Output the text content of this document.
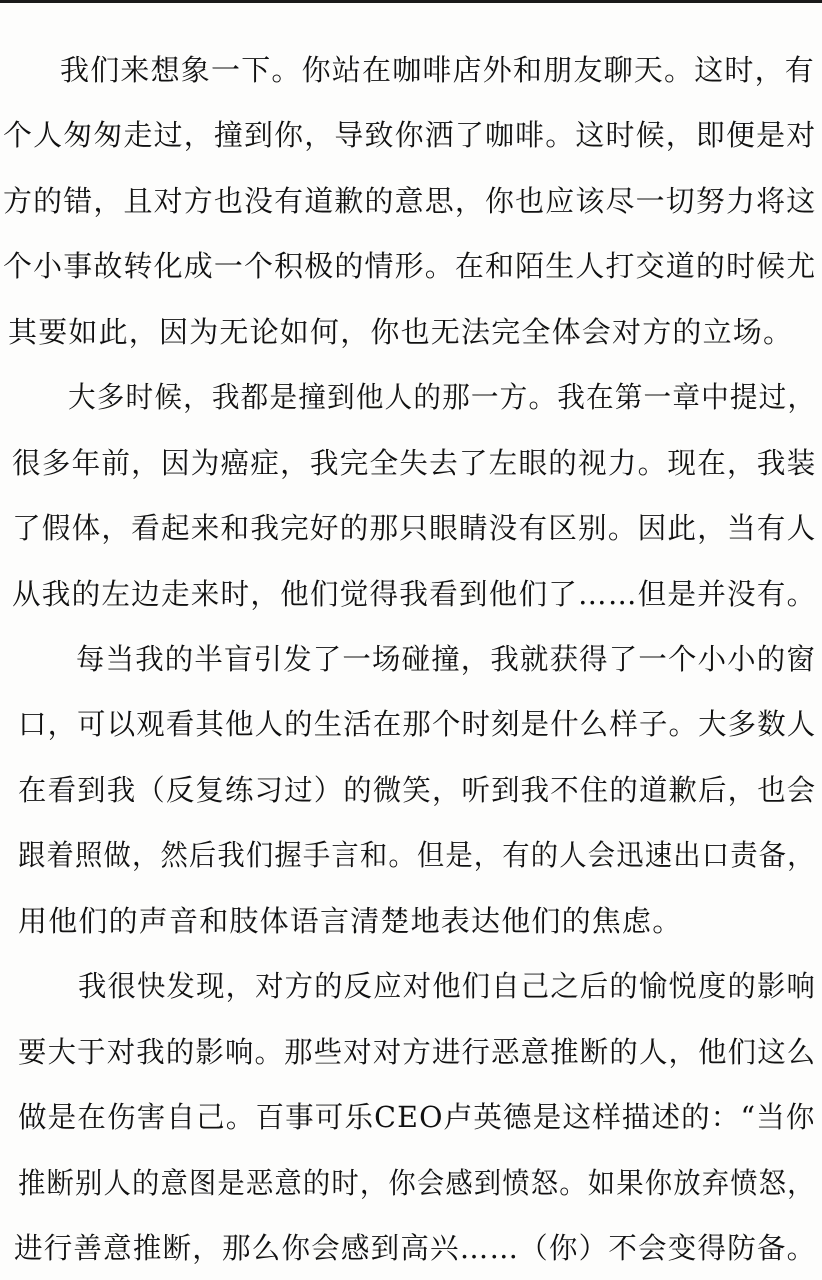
我们来想象一下。你站在咖啡店外和朋友聊天。这时，有
个人匆匆走过，撞到你，导致你洒了咖啡。这时候，即便是对
方的错，且对方也没有道歉的意思，你也应该尽一切努力将这
个小事故转化成一个积极的情形。在和陌生人打交道的时候尤
其要如此，因为无论如何，你也无法完全体会对方的立场。
大多时候，我都是撞到他人的那一方。我在第一章中提过，
很多年前，因为癌症，我完全失去了左眼的视力。现在，我装
了假体，看起来和我完好的那只眼睛没有区别。因此，当有人
从我的左边走来时，他们觉得我看到他们了……但是并没有。
每当我的半盲引发了一场碰撞，我就获得了一个小小的窗
口，可以观看其他人的生活在那个时刻是什么样子。大多数人
在看到我（反复练习过）的微笑，听到我不住的道歉后，也会
跟着照做，然后我们握手言和。但是，有的人会迅速出口责备，
用他们的声音和肢体语言清楚地表达他们的焦虑。
我很快发现，对方的反应对他们自己之后的愉悦度的影响
要大于对我的影响。那些对对方进行恶意推断的人，他们这么
做是在伤害自己。百事可乐CEO卢英德是这样描述的：“当你
推断别人的意图是恶意的时，你会感到愤怒。如果你放弃愤怒，
进行善意推断，那么你会感到高兴……（你）不会变得防备。
